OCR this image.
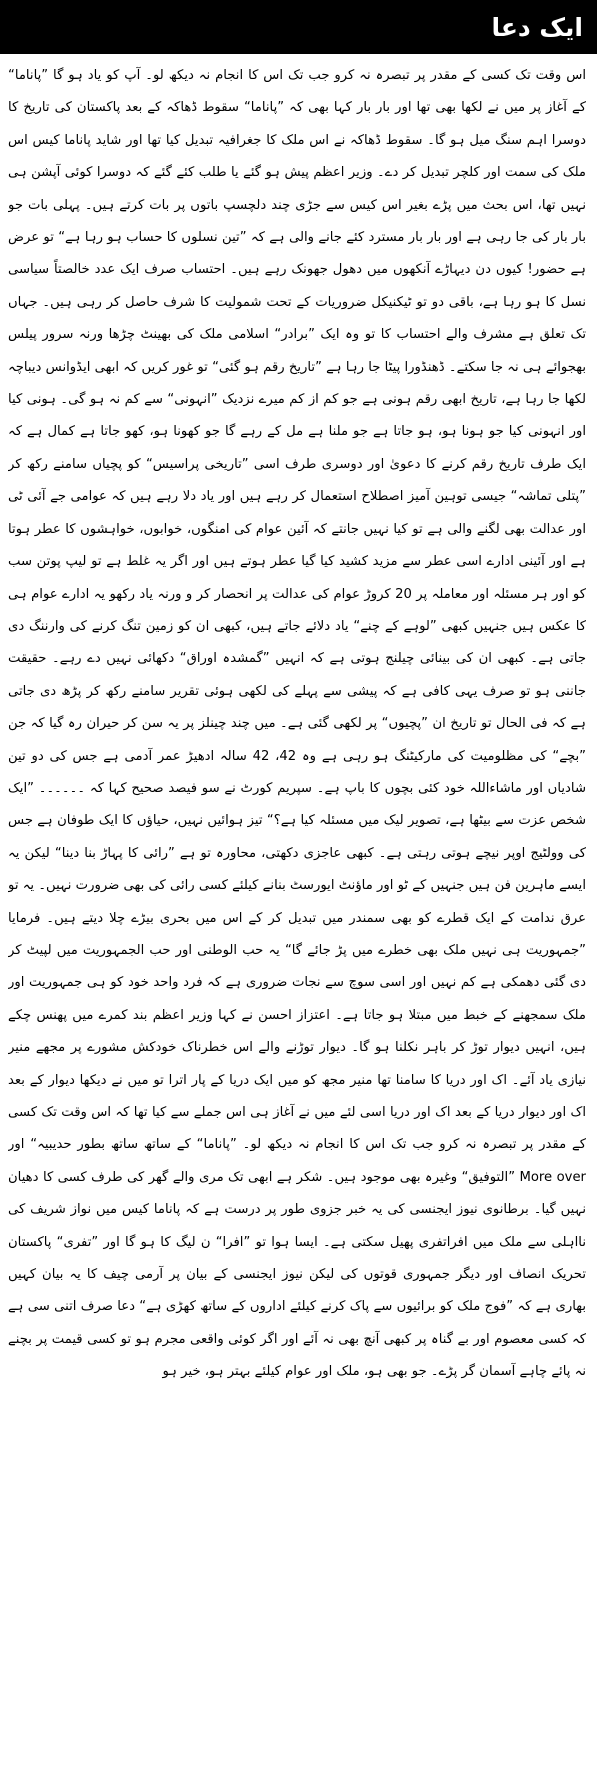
ایک دعا

اس وقت تک کسی کے مقدر پر تبصرہ نہ کرو جب تک اس کا انجام نہ دیکھ لو۔ آپ کو یاد ہو گا ”پاناما“ کے آغاز پر میں نے لکھا بھی تھا اور بار بار کہا بھی کہ ”پاناما“ سقوط ڈھاکہ کے بعد پاکستان کی تاریخ کا دوسرا اہم سنگ میل ہو گا۔ سقوط ڈھاکہ نے اس ملک کا جغرافیہ تبدیل کیا تھا اور شاید پاناما کیس اس ملک کی سمت اور کلچر تبدیل کر دے۔ وزیر اعظم پیش ہو گئے یا طلب کئے گئے کہ دوسرا کوئی آپشن ہی نہیں تھا، اس بحث میں پڑے بغیر اس کیس سے جڑی چند دلچسپ باتوں پر بات کرتے ہیں۔ پہلی بات جو بار بار کی جا رہی ہے اور بار بار مسترد کئے جانے والی ہے کہ ”تین نسلوں کا حساب ہو رہا ہے“ تو عرض ہے حضور! کیوں دن دیہاڑے آنکھوں میں دھول جھونک رہے ہیں۔ احتساب صرف ایک عدد خالصتاً سیاسی نسل کا ہو رہا ہے، باقی دو تو ٹیکنیکل ضروریات کے تحت شمولیت کا شرف حاصل کر رہی ہیں۔ جہاں تک تعلق ہے مشرف والے احتساب کا تو وہ ایک ”برادر“ اسلامی ملک کی بھینٹ چڑھا ورنہ سرور پیلس بھجوائے ہی نہ جا سکتے۔ ڈھنڈورا پیٹا جا رہا ہے ”تاریخ رقم ہو گئی“ تو غور کریں کہ ابھی ایڈوانس دیباچہ لکھا جا رہا ہے، تاریخ ابھی رقم ہونی ہے جو کم از کم میرے نزدیک ”انہونی“ سے کم نہ ہو گی۔ ہونی کیا اور انہونی کیا جو ہونا ہو، ہو جاتا ہے جو ملنا ہے مل کے رہے گا جو کھونا ہو، کھو جاتا ہے کمال ہے کہ ایک طرف تاریخ رقم کرنے کا دعویٰ اور دوسری طرف اسی ”تاریخی پراسیس“ کو پچیاں سامنے رکھ کر ”پتلی تماشہ“ جیسی توہین آمیز اصطلاح استعمال کر رہے ہیں اور یاد دلا رہے ہیں کہ عوامی جے آئی ٹی اور عدالت بھی لگنے والی ہے تو کیا نہیں جانتے کہ آئین عوام کی امنگوں، خوابوں، خواہشوں کا عطر ہوتا ہے اور آئینی ادارے اسی عطر سے مزید کشید کیا گیا عطر ہوتے ہیں اور اگر یہ غلط ہے تو لیپ پوتن سب کو اور ہر مسئلہ اور معاملہ پر 20 کروڑ عوام کی عدالت پر انحصار کر و ورنہ یاد رکھو یہ ادارے عوام ہی کا عکس ہیں جنہیں کبھی ”لوہے کے چنے“ یاد دلائے جاتے ہیں، کبھی ان کو زمین تنگ کرنے کی وارننگ دی جاتی ہے۔ کبھی ان کی بینائی چیلنج ہوتی ہے کہ انہیں ”گمشدہ اوراق“ دکھائی نہیں دے رہے۔ حقیقت جاننی ہو تو صرف یہی کافی ہے کہ پیشی سے پہلے کی لکھی ہوئی تقریر سامنے رکھ کر پڑھ دی جاتی ہے کہ فی الحال تو تاریخ ان ”پچیوں“ پر لکھی گئی ہے۔ میں چند چینلز پر یہ سن کر حیران رہ گیا کہ جن ”بچے“ کی مظلومیت کی مارکیٹنگ ہو رہی ہے وہ 42، 42 سالہ ادھیڑ عمر آدمی ہے جس کی دو تین شادیاں اور ماشاءاللہ خود کئی بچوں کا باپ ہے۔ سپریم کورٹ نے سو فیصد صحیح کہا کہ ۔۔۔۔۔۔ ”ایک شخص عزت سے بیٹھا ہے، تصویر لیک میں مسئلہ کیا ہے؟“ تیز ہوائیں نہیں، حیاؤں کا ایک طوفان ہے جس کی وولٹیج اوپر نیچے ہوتی رہتی ہے۔ کبھی عاجزی دکھتی، محاورہ تو ہے ”رائی کا پہاڑ بنا دینا“ لیکن یہ ایسے ماہرین فن ہیں جنہیں کے ٹو اور ماؤنٹ ایورسٹ بنانے کیلئے کسی رائی کی بھی ضرورت نہیں۔ یہ تو عرق ندامت کے ایک قطرے کو بھی سمندر میں تبدیل کر کے اس میں بحری بیڑے چلا دیتے ہیں۔ فرمایا ”جمہوریت ہی نہیں ملک بھی خطرے میں پڑ جائے گا“ یہ حب الوطنی اور حب الجمہوریت میں لپیٹ کر دی گئی دھمکی ہے کم نہیں اور اسی سوچ سے نجات ضروری ہے کہ فرد واحد خود کو ہی جمہوریت اور ملک سمجھنے کے خبط میں مبتلا ہو جاتا ہے۔ اعتزاز احسن نے کہا وزیر اعظم بند کمرے میں پھنس چکے ہیں، انہیں دیوار توڑ کر باہر نکلنا ہو گا۔ دیوار توڑنے والے اس خطرناک خودکش مشورے پر مجھے منیر نیازی یاد آئے۔ اک اور دریا کا سامنا تھا منیر مجھ کو میں ایک دریا کے پار اترا تو میں نے دیکھا دیوار کے بعد اک اور دیوار دریا کے بعد اک اور دریا اسی لئے میں نے آغاز ہی اس جملے سے کیا تھا کہ اس وقت تک کسی کے مقدر پر تبصرہ نہ کرو جب تک اس کا انجام نہ دیکھ لو۔ ”پاناما“ کے ساتھ ساتھ بطور حدیبیہ“ اور More over ”التوفیق“ وغیرہ بھی موجود ہیں۔ شکر ہے ابھی تک مری والے گھر کی طرف کسی کا دھیان نہیں گیا۔ برطانوی نیوز ایجنسی کی یہ خبر جزوی طور پر درست ہے کہ پاناما کیس میں نواز شریف کی نااہلی سے ملک میں افراتفری پھیل سکتی ہے۔ ایسا ہوا تو ”افرا“ ن لیگ کا ہو گا اور ”تفری“ پاکستان تحریک انصاف اور دیگر جمہوری قوتوں کی لیکن نیوز ایجنسی کے بیان پر آرمی چیف کا یہ بیان کہیں بھاری ہے کہ ”فوج ملک کو برائیوں سے پاک کرنے کیلئے اداروں کے ساتھ کھڑی ہے“ دعا صرف اتنی سی ہے کہ کسی معصوم اور بے گناہ پر کبھی آنچ بھی نہ آئے اور اگر کوئی واقعی مجرم ہو تو کسی قیمت پر بچنے نہ پائے چاہے آسمان گر پڑے۔ جو بھی ہو، ملک اور عوام کیلئے بہتر ہو، خیر ہو
